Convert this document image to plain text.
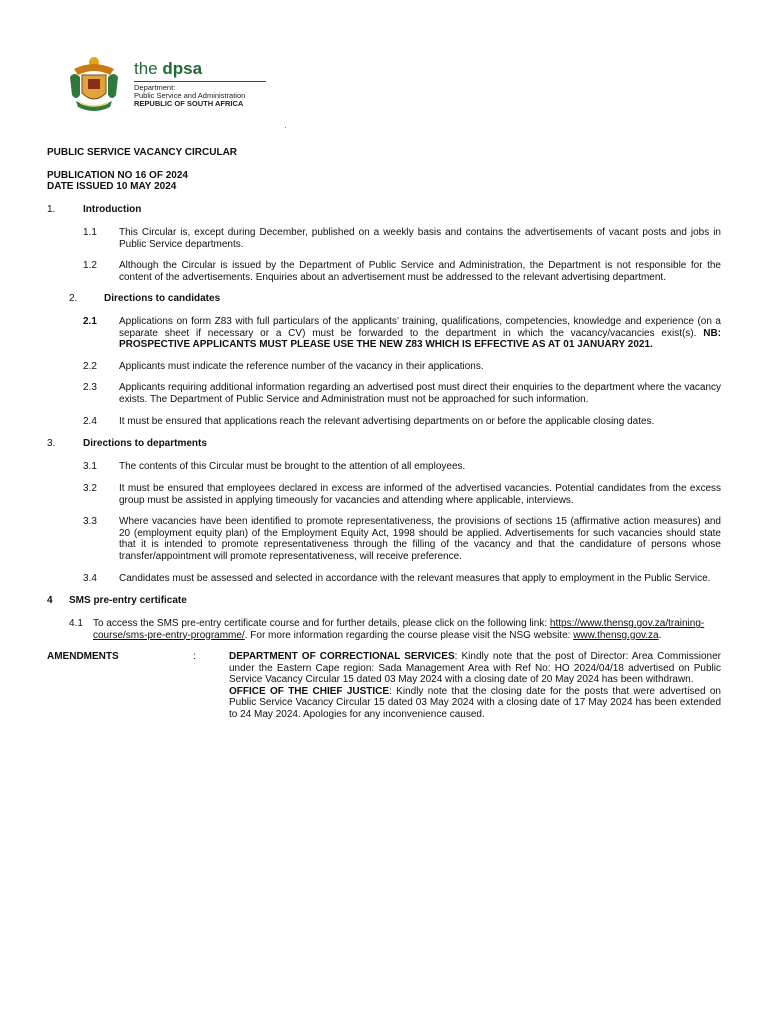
the dpsa
Department:
Public Service and Administration
REPUBLIC OF SOUTH AFRICA
PUBLIC SERVICE VACANCY CIRCULAR
PUBLICATION NO 16 OF 2024
DATE ISSUED 10 MAY 2024
1.	Introduction
1.1 This Circular is, except during December, published on a weekly basis and contains the advertisements of vacant posts and jobs in Public Service departments.
1.2 Although the Circular is issued by the Department of Public Service and Administration, the Department is not responsible for the content of the advertisements. Enquiries about an advertisement must be addressed to the relevant advertising department.
2.	Directions to candidates
2.1 Applications on form Z83 with full particulars of the applicants’ training, qualifications, competencies, knowledge and experience (on a separate sheet if necessary or a CV) must be forwarded to the department in which the vacancy/vacancies exist(s). NB: PROSPECTIVE APPLICANTS MUST PLEASE USE THE NEW Z83 WHICH IS EFFECTIVE AS AT 01 JANUARY 2021.
2.2 Applicants must indicate the reference number of the vacancy in their applications.
2.3 Applicants requiring additional information regarding an advertised post must direct their enquiries to the department where the vacancy exists. The Department of Public Service and Administration must not be approached for such information.
2.4 It must be ensured that applications reach the relevant advertising departments on or before the applicable closing dates.
3.	Directions to departments
3.1 The contents of this Circular must be brought to the attention of all employees.
3.2 It must be ensured that employees declared in excess are informed of the advertised vacancies. Potential candidates from the excess group must be assisted in applying timeously for vacancies and attending where applicable, interviews.
3.3 Where vacancies have been identified to promote representativeness, the provisions of sections 15 (affirmative action measures) and 20 (employment equity plan) of the Employment Equity Act, 1998 should be applied. Advertisements for such vacancies should state that it is intended to promote representativeness through the filling of the vacancy and that the candidature of persons whose transfer/appointment will promote representativeness, will receive preference.
3.4 Candidates must be assessed and selected in accordance with the relevant measures that apply to employment in the Public Service.
4 SMS pre-entry certificate
4.1 To access the SMS pre-entry certificate course and for further details, please click on the following link: https://www.thensg.gov.za/training-course/sms-pre-entry-programme/. For more information regarding the course please visit the NSG website: www.thensg.gov.za.
AMENDMENTS	:	DEPARTMENT OF CORRECTIONAL SERVICES: Kindly note that the post of Director: Area Commissioner under the Eastern Cape region: Sada Management Area with Ref No: HO 2024/04/18 advertised on Public Service Vacancy Circular 15 dated 03 May 2024 with a closing date of 20 May 2024 has been withdrawn.
OFFICE OF THE CHIEF JUSTICE: Kindly note that the closing date for the posts that were advertised on Public Service Vacancy Circular 15 dated 03 May 2024 with a closing date of 17 May 2024 has been extended to 24 May 2024. Apologies for any inconvenience caused.
